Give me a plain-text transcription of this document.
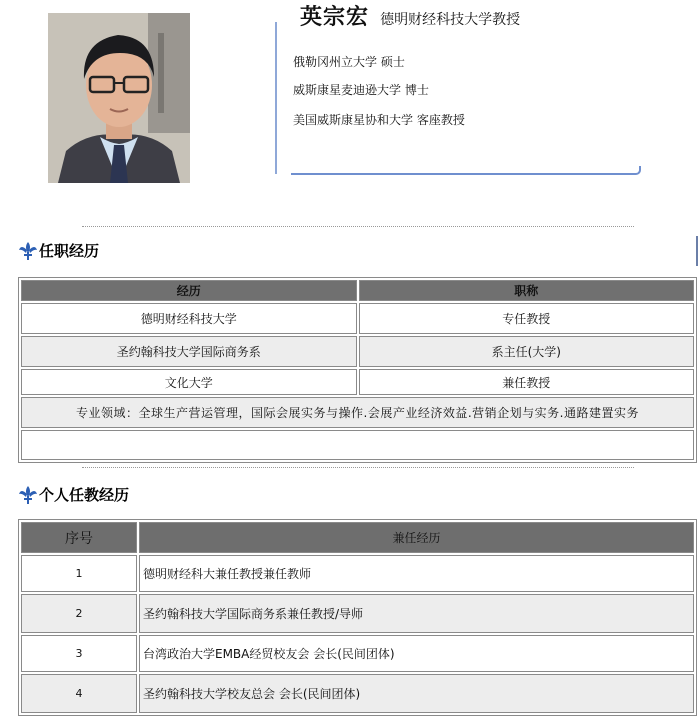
英宗宏 德明财经科技大学教授
俄勒冈州立大学 硕士
威斯康星麦迪逊大学 博士
美国威斯康星协和大学 客座教授
任职经历
经历	职称
德明财经科技大学	专任教授
圣约翰科技大学国际商务系	系主任(大学)
文化大学	兼任教授
专业领域：全球生产营运管理，国际会展实务与操作.会展产业经济效益.营销企划与实务.通路建置实务	

个人任教经历
序号	兼任经历
1	德明财经科大兼任教授兼任教师
2	圣约翰科技大学国际商务系兼任教授/导师
3	台湾政治大学EMBA经贸校友会 会长(民间团体)
4	圣约翰科技大学校友总会 会长(民间团体)
